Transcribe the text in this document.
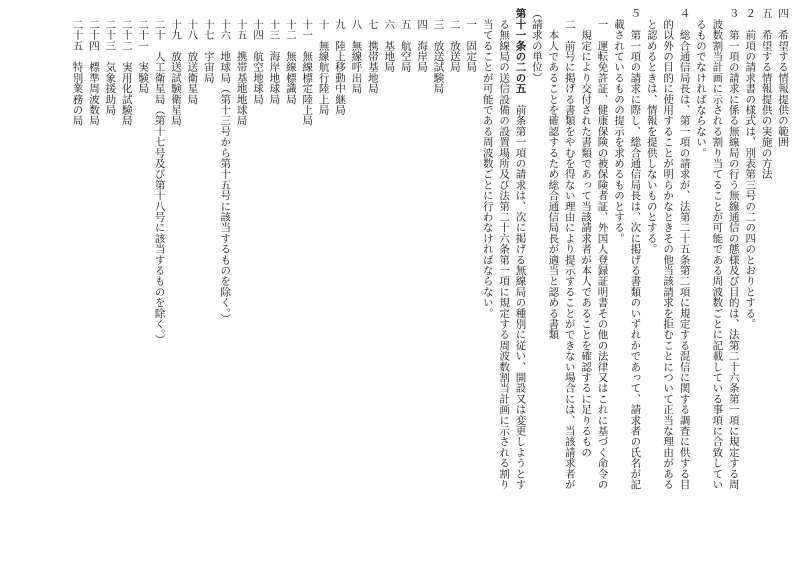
四　希望する情報提供の範囲
五　希望する情報提供の実施の方法
２　前項の請求書の様式は、別表第三号の二の四のとおりとする。
３　第一項の請求に係る無線局の行う無線通信の態様及び目的は、法第二十六条第一項に規定する周
　波数割当計画に示される割り当てることが可能である周波数ごとに記載している事項に合致してい
　るものでなければならない。
４　総合通信局長は、第一項の請求が、法第二十五条第二項に規定する混信に関する調査に供する目
　的以外の目的に使用することが明らかなときその他当該請求を拒むことについて正当な理由がある
　と認めるときは、情報を提供しないものとする。
５　第一項の請求に際し、総合通信局長は、次に掲げる書類のいずれかであって、請求者の氏名が記
　載されているものの提示を求めるものとする。
　一　運転免許証、健康保険の被保険者証、外国人登録証明書その他の法律又はこれに基づく命令の
　　規定により交付された書類であって当該請求者が本人であることを確認するに足りるもの
　二　前号に掲げる書類をやむを得ない理由により提示することができない場合には、当該請求者が
　　本人であることを確認するため総合通信局長が適当と認める書類
（請求の単位）
第十一条の二の五　前条第一項の請求は、次に掲げる無線局の種別に従い、開設又は変更しようとす
　る無線局の送信設備の設置場所及び法第二十六条第一項に規定する周波数割当計画に示される割り
　当てることが可能である周波数ごとに行わなければならない。
　一　固定局
　二　放送局
　三　放送試験局
　四　海岸局
　五　航空局
　六　基地局
　七　携帯基地局
　八　無線呼出局
　九　陸上移動中継局
　十　無線航行陸上局
　十一　無線標定陸上局
　十二　無線標識局
　十三　海岸地球局
　十四　航空地球局
　十五　携帯基地地球局
　十六　地球局（第十三号から第十五号に該当するものを除く。）
　十七　宇宙局
　十八　放送衛星局
　十九　放送試験衛星局
　二十　人工衛星局（第十七号及び第十八号に該当するものを除く。）
　二十一　実験局
　二十二　実用化試験局
　二十三　気象援助局
　二十四　標準周波数局
　二十五　特別業務の局
